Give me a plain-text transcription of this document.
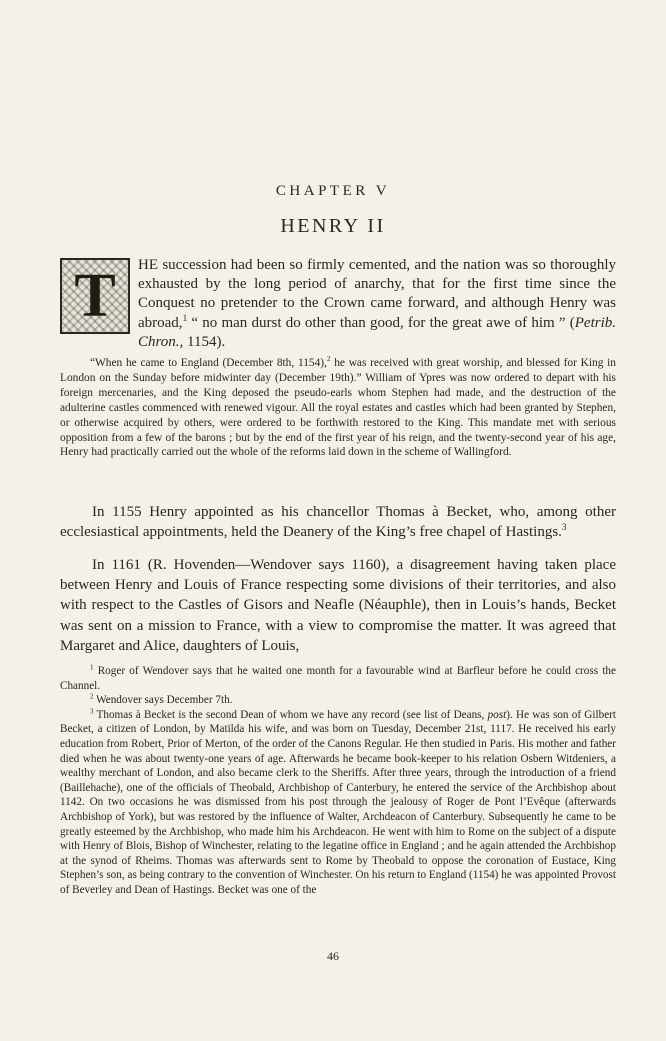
CHAPTER V
HENRY II
T	HE succession had been so firmly cemented, and the nation was so thoroughly exhausted by the long period of anarchy, that for the first time since the Conquest no pretender to the Crown came forward, and although Henry was abroad,$^1$ “ no man durst do other than good, for the great awe of him ” (Petrib. Chron., 1154).

“When he came to England (December 8th, 1154),$^2$ he was received with great worship, and blessed for King in London on the Sunday before midwinter day (December 19th).” William of Ypres was now ordered to depart with his foreign mercenaries, and the King deposed the pseudo-earls whom Stephen had made, and the destruction of the adulterine castles commenced with renewed vigour. All the royal estates and castles which had been granted by Stephen, or otherwise acquired by others, were ordered to be forthwith restored to the King. This mandate met with serious opposition from a few of the barons ; but by the end of the first year of his reign, and the twenty-second year of his age, Henry had practically carried out the whole of the reforms laid down in the scheme of Wallingford.

In 1155 Henry appointed as his chancellor Thomas à Becket, who, among other ecclesiastical appointments, held the Deanery of the King’s free chapel of Hastings.$^3$

In 1161 (R. Hovenden—Wendover says 1160), a disagreement having taken place between Henry and Louis of France respecting some divisions of their territories, and also with respect to the Castles of Gisors and Neafle (Néauphle), then in Louis’s hands, Becket was sent on a mission to France, with a view to compromise the matter. It was agreed that Margaret and Alice, daughters of Louis,

$^1$ Roger of Wendover says that he waited one month for a favourable wind at Barfleur before he could cross the Channel.

$^2$ Wendover says December 7th.

$^3$ Thomas à Becket is the second Dean of whom we have any record (see list of Deans, post). He was son of Gilbert Becket, a citizen of London, by Matilda his wife, and was born on Tuesday, December 21st, 1117. He received his early education from Robert, Prior of Merton, of the order of the Canons Regular. He then studied in Paris. His mother and father died when he was about twenty-one years of age. Afterwards he became book-keeper to his relation Osbern Witdeniers, a wealthy merchant of London, and also became clerk to the Sheriffs. After three years, through the introduction of a friend (Baillehache), one of the officials of Theobald, Archbishop of Canterbury, he entered the service of the Archbishop about 1142. On two occasions he was dismissed from his post through the jealousy of Roger de Pont l’Evêque (afterwards Archbishop of York), but was restored by the influence of Walter, Archdeacon of Canterbury. Subsequently he came to be greatly esteemed by the Archbishop, who made him his Archdeacon. He went with him to Rome on the subject of a dispute with Henry of Blois, Bishop of Winchester, relating to the legatine office in England ; and he again attended the Archbishop at the synod of Rheims. Thomas was afterwards sent to Rome by Theobald to oppose the coronation of Eustace, King Stephen’s son, as being contrary to the convention of Winchester. On his return to England (1154) he was appointed Provost of Beverley and Dean of Hastings. Becket was one of the

46
